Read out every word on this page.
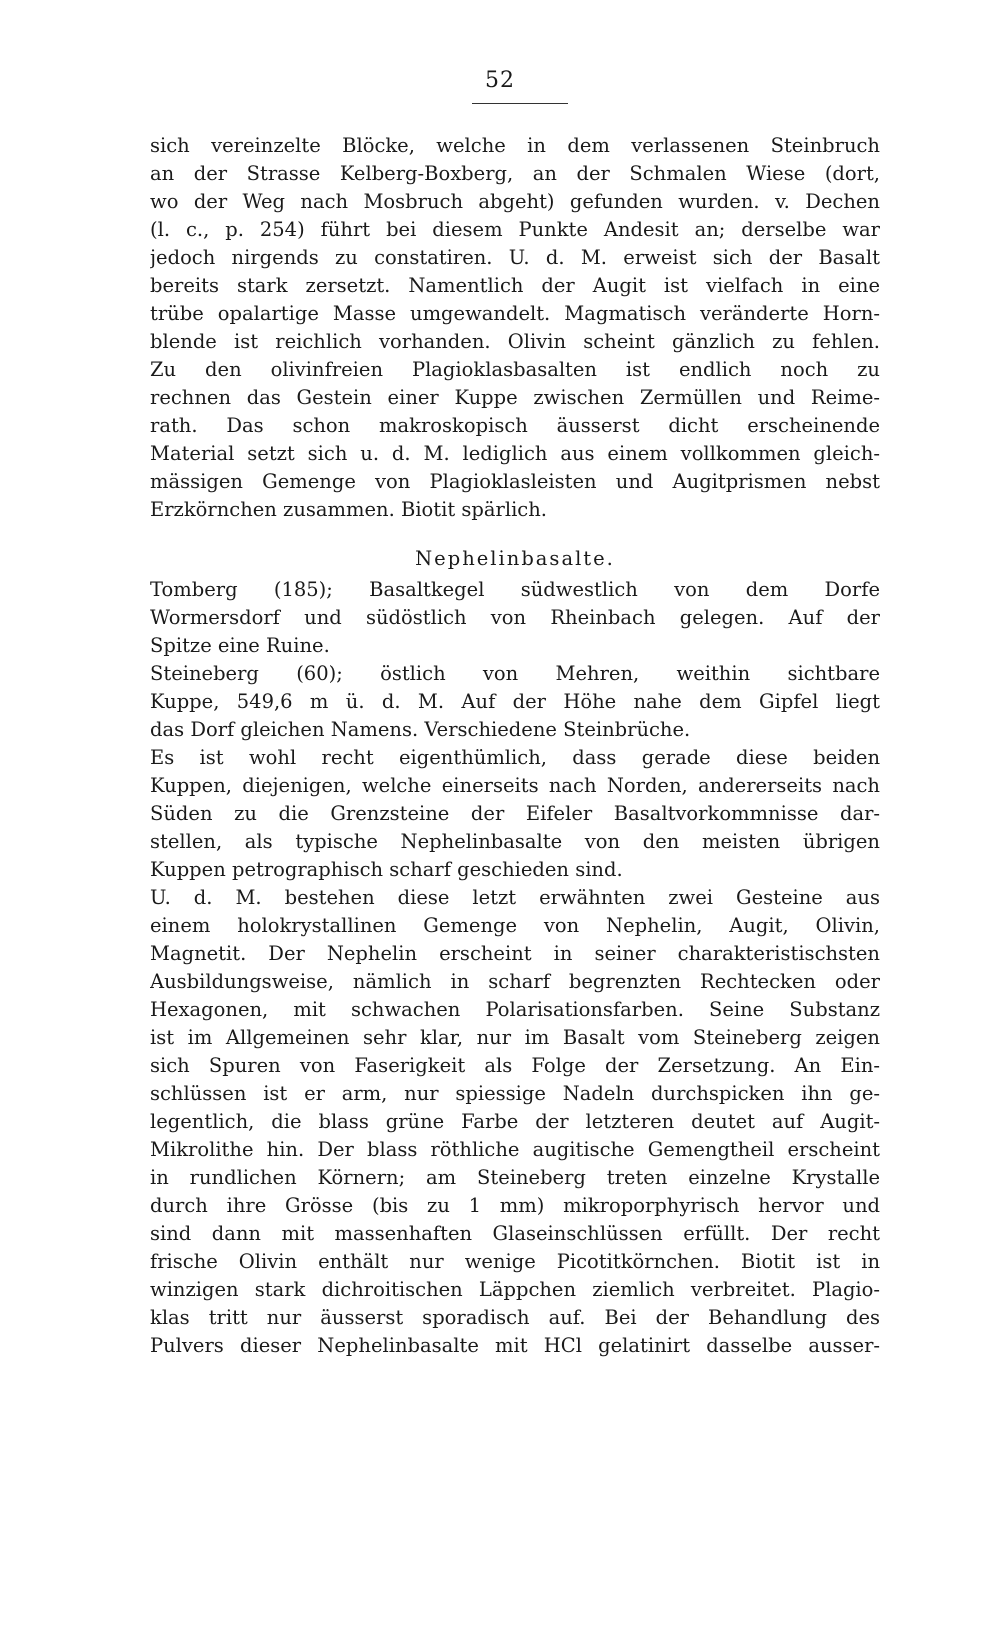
52
sich vereinzelte Blöcke, welche in dem verlassenen Steinbruch
an der Strasse Kelberg-Boxberg, an der Schmalen Wiese (dort,
wo der Weg nach Mosbruch abgeht) gefunden wurden. v. Dechen
(l. c., p. 254) führt bei diesem Punkte Andesit an; derselbe war
jedoch nirgends zu constatiren. U. d. M. erweist sich der Basalt
bereits stark zersetzt. Namentlich der Augit ist vielfach in eine
trübe opalartige Masse umgewandelt. Magmatisch veränderte Horn-
blende ist reichlich vorhanden. Olivin scheint gänzlich zu fehlen.
Zu den olivinfreien Plagioklasbasalten ist endlich noch zu
rechnen das Gestein einer Kuppe zwischen Zermüllen und Reime-
rath. Das schon makroskopisch äusserst dicht erscheinende
Material setzt sich u. d. M. lediglich aus einem vollkommen gleich-
mässigen Gemenge von Plagioklasleisten und Augitprismen nebst
Erzkörnchen zusammen. Biotit spärlich.
Nephelinbasalte.
Tomberg (185); Basaltkegel südwestlich von dem Dorfe
Wormersdorf und südöstlich von Rheinbach gelegen. Auf der
Spitze eine Ruine.
Steineberg (60); östlich von Mehren, weithin sichtbare
Kuppe, 549,6 m ü. d. M. Auf der Höhe nahe dem Gipfel liegt
das Dorf gleichen Namens. Verschiedene Steinbrüche.
Es ist wohl recht eigenthümlich, dass gerade diese beiden
Kuppen, diejenigen, welche einerseits nach Norden, andererseits nach
Süden zu die Grenzsteine der Eifeler Basaltvorkommnisse dar-
stellen, als typische Nephelinbasalte von den meisten übrigen
Kuppen petrographisch scharf geschieden sind.
U. d. M. bestehen diese letzt erwähnten zwei Gesteine aus
einem holokrystallinen Gemenge von Nephelin, Augit, Olivin,
Magnetit. Der Nephelin erscheint in seiner charakteristischsten
Ausbildungsweise, nämlich in scharf begrenzten Rechtecken oder
Hexagonen, mit schwachen Polarisationsfarben. Seine Substanz
ist im Allgemeinen sehr klar, nur im Basalt vom Steineberg zeigen
sich Spuren von Faserigkeit als Folge der Zersetzung. An Ein-
schlüssen ist er arm, nur spiessige Nadeln durchspicken ihn ge-
legentlich, die blass grüne Farbe der letzteren deutet auf Augit-
Mikrolithe hin. Der blass röthliche augitische Gemengtheil erscheint
in rundlichen Körnern; am Steineberg treten einzelne Krystalle
durch ihre Grösse (bis zu 1 mm) mikroporphyrisch hervor und
sind dann mit massenhaften Glaseinschlüssen erfüllt. Der recht
frische Olivin enthält nur wenige Picotitkörnchen. Biotit ist in
winzigen stark dichroitischen Läppchen ziemlich verbreitet. Plagio-
klas tritt nur äusserst sporadisch auf. Bei der Behandlung des
Pulvers dieser Nephelinbasalte mit HCl gelatinirt dasselbe ausser-
